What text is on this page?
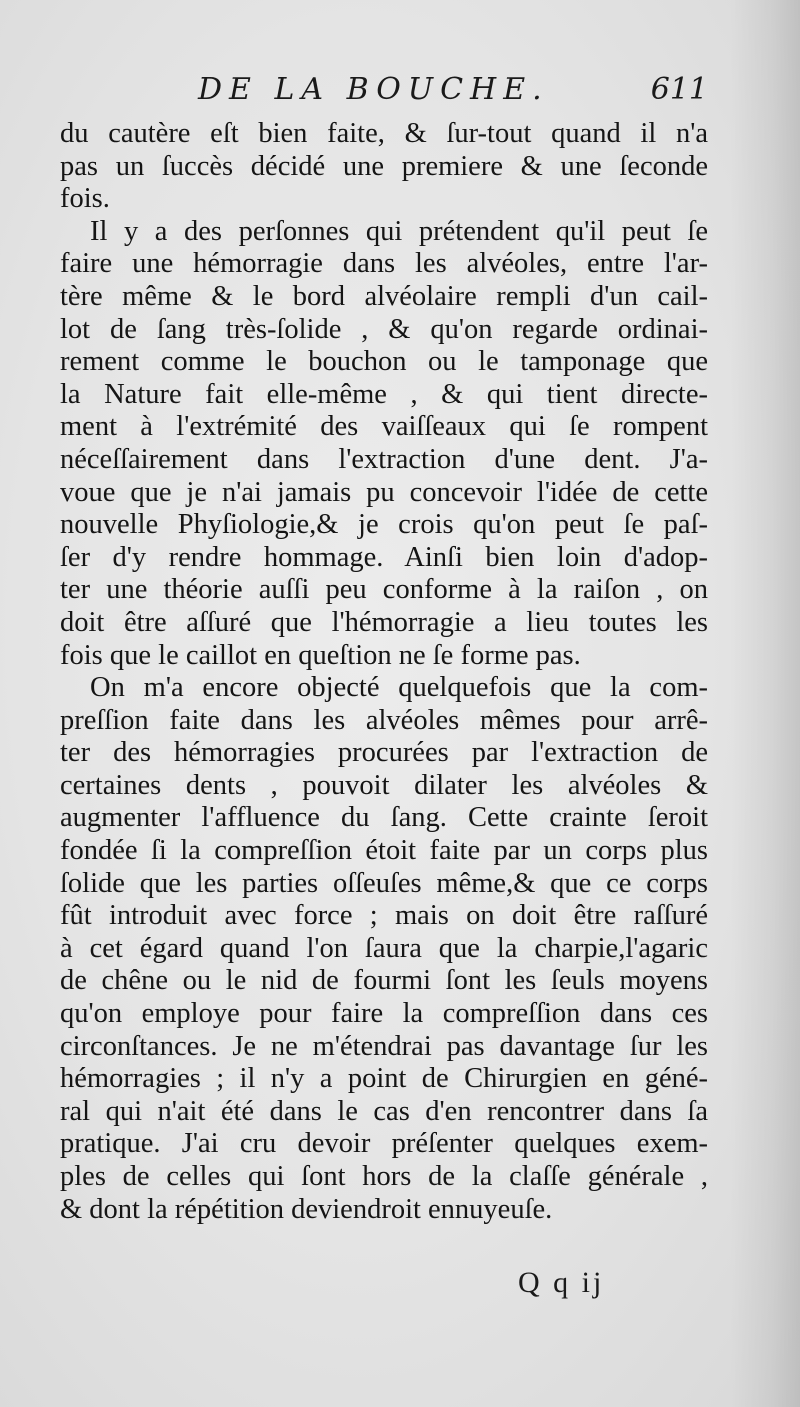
DE LA BOUCHE.	611
du cautère eſt bien faite, & ſur-tout quand il n'a
pas un ſuccès décidé une premiere & une ſeconde
fois.
Il y a des perſonnes qui prétendent qu'il peut ſe
faire une hémorragie dans les alvéoles, entre l'ar-
tère même & le bord alvéolaire rempli d'un cail-
lot de ſang très-ſolide , & qu'on regarde ordinai-
rement comme le bouchon ou le tamponage que
la Nature fait elle-même , & qui tient directe-
ment à l'extrémité des vaiſſeaux qui ſe rompent
néceſſairement dans l'extraction d'une dent. J'a-
voue que je n'ai jamais pu concevoir l'idée de cette
nouvelle Phyſiologie,& je crois qu'on peut ſe paſ-
ſer d'y rendre hommage. Ainſi bien loin d'adop-
ter une théorie auſſi peu conforme à la raiſon , on
doit être aſſuré que l'hémorragie a lieu toutes les
fois que le caillot en queſtion ne ſe forme pas.
On m'a encore objecté quelquefois que la com-
preſſion faite dans les alvéoles mêmes pour arrê-
ter des hémorragies procurées par l'extraction de
certaines dents , pouvoit dilater les alvéoles &
augmenter l'affluence du ſang. Cette crainte ſeroit
fondée ſi la compreſſion étoit faite par un corps plus
ſolide que les parties oſſeuſes même,& que ce corps
fût introduit avec force ; mais on doit être raſſuré
à cet égard quand l'on ſaura que la charpie,l'agaric
de chêne ou le nid de fourmi ſont les ſeuls moyens
qu'on employe pour faire la compreſſion dans ces
circonſtances. Je ne m'étendrai pas davantage ſur les
hémorragies ; il n'y a point de Chirurgien en géné-
ral qui n'ait été dans le cas d'en rencontrer dans ſa
pratique. J'ai cru devoir préſenter quelques exem-
ples de celles qui ſont hors de la claſſe générale ,
& dont la répétition deviendroit ennuyeuſe.
Q q ij
